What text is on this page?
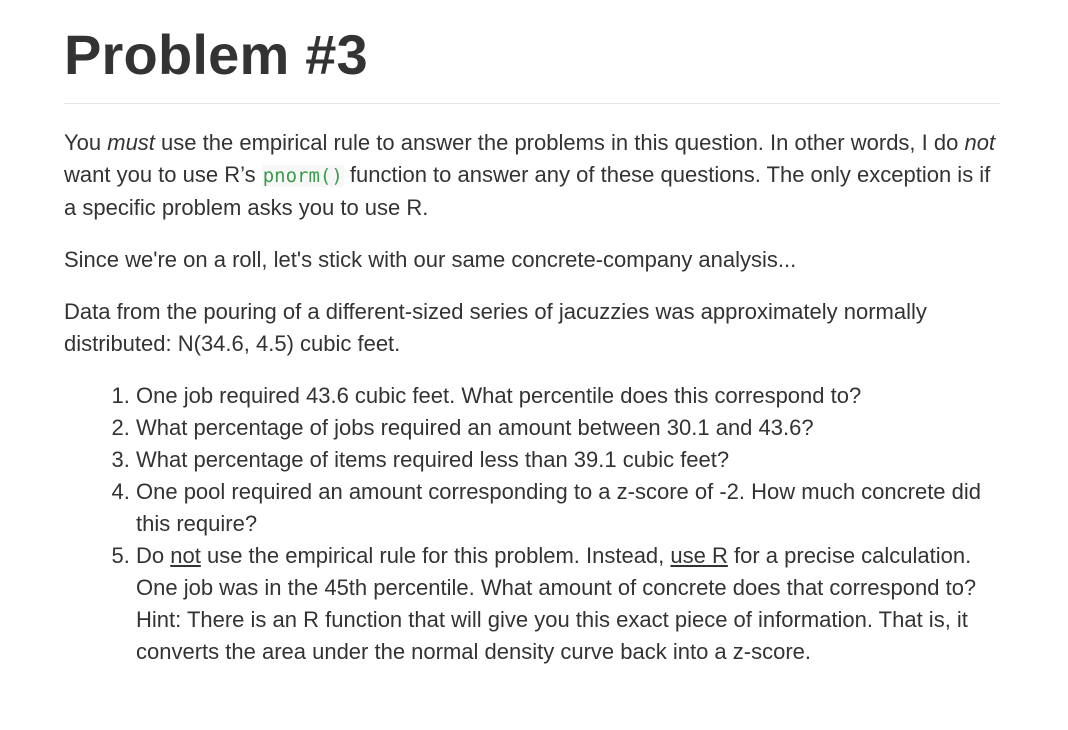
Problem #3

You must use the empirical rule to answer the problems in this question. In other words, I do not want you to use R’s pnorm() function to answer any of these questions. The only exception is if a specific problem asks you to use R.

Since we're on a roll, let's stick with our same concrete-company analysis...

Data from the pouring of a different-sized series of jacuzzies was approximately normally distributed: N(34.6, 4.5) cubic feet.

1. One job required 43.6 cubic feet. What percentile does this correspond to?
2. What percentage of jobs required an amount between 30.1 and 43.6?
3. What percentage of items required less than 39.1 cubic feet?
4. One pool required an amount corresponding to a z-score of -2. How much concrete did this require?
5. Do not use the empirical rule for this problem. Instead, use R for a precise calculation. One job was in the 45th percentile. What amount of concrete does that correspond to? Hint: There is an R function that will give you this exact piece of information. That is, it converts the area under the normal density curve back into a z-score.
